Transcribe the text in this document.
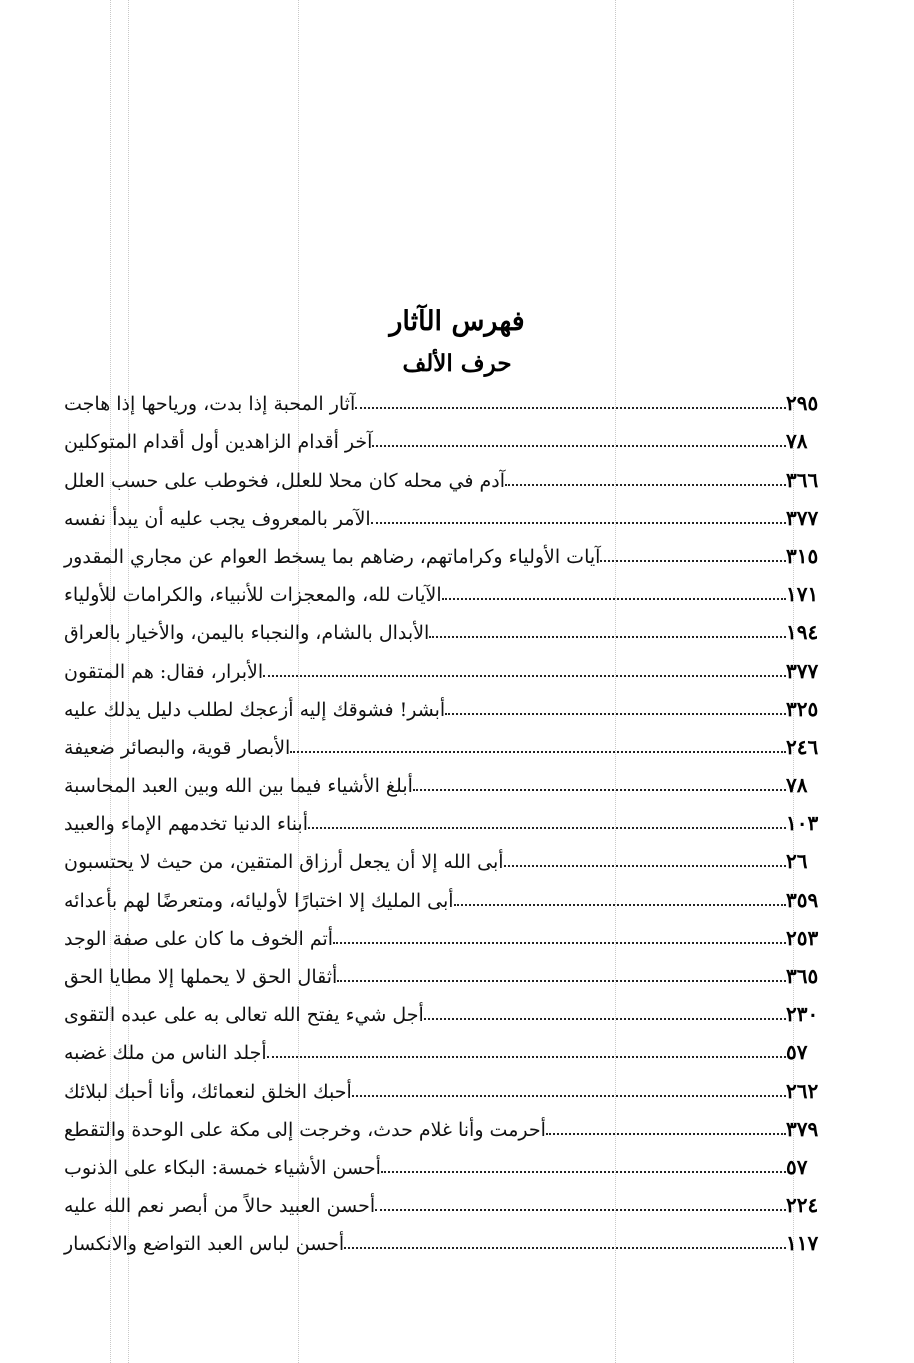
فهرس الآثار
حرف الألف
آثار المحبة إذا بدت، ورياحها إذا هاجت	٢٩٥
آخر أقدام الزاهدين أول أقدام المتوكلين	٧٨
آدم في محله كان محلا للعلل، فخوطب على حسب العلل	٣٦٦
الآمر بالمعروف يجب عليه أن يبدأ نفسه	٣٧٧
آيات الأولياء وكراماتهم، رضاهم بما يسخط العوام عن مجاري المقدور	٣١٥
الآيات لله، والمعجزات للأنبياء، والكرامات للأولياء	١٧١
الأبدال بالشام، والنجباء باليمن، والأخيار بالعراق	١٩٤
الأبرار، فقال: هم المتقون	٣٧٧
أبشر! فشوقك إليه أزعجك لطلب دليل يدلك عليه	٣٢٥
الأبصار قوية، والبصائر ضعيفة	٢٤٦
أبلغ الأشياء فيما بين الله وبين العبد المحاسبة	٧٨
أبناء الدنيا تخدمهم الإماء والعبيد	١٠٣
أبى الله إلا أن يجعل أرزاق المتقين، من حيث لا يحتسبون	٢٦
أبى المليك إلا اختبارًا لأوليائه، ومتعرضًا لهم بأعدائه	٣٥٩
أتم الخوف ما كان على صفة الوجد	٢٥٣
أثقال الحق لا يحملها إلا مطايا الحق	٣٦٥
أجل شيء يفتح الله تعالى به على عبده التقوى	٢٣٠
أجلد الناس من ملك غضبه	٥٧
أحبك الخلق لنعمائك، وأنا أحبك لبلائك	٢٦٢
أحرمت وأنا غلام حدث، وخرجت إلى مكة على الوحدة والتقطع	٣٧٩
أحسن الأشياء خمسة: البكاء على الذنوب	٥٧
أحسن العبيد حالاً من أبصر نعم الله عليه	٢٢٤
أحسن لباس العبد التواضع والانكسار	١١٧
